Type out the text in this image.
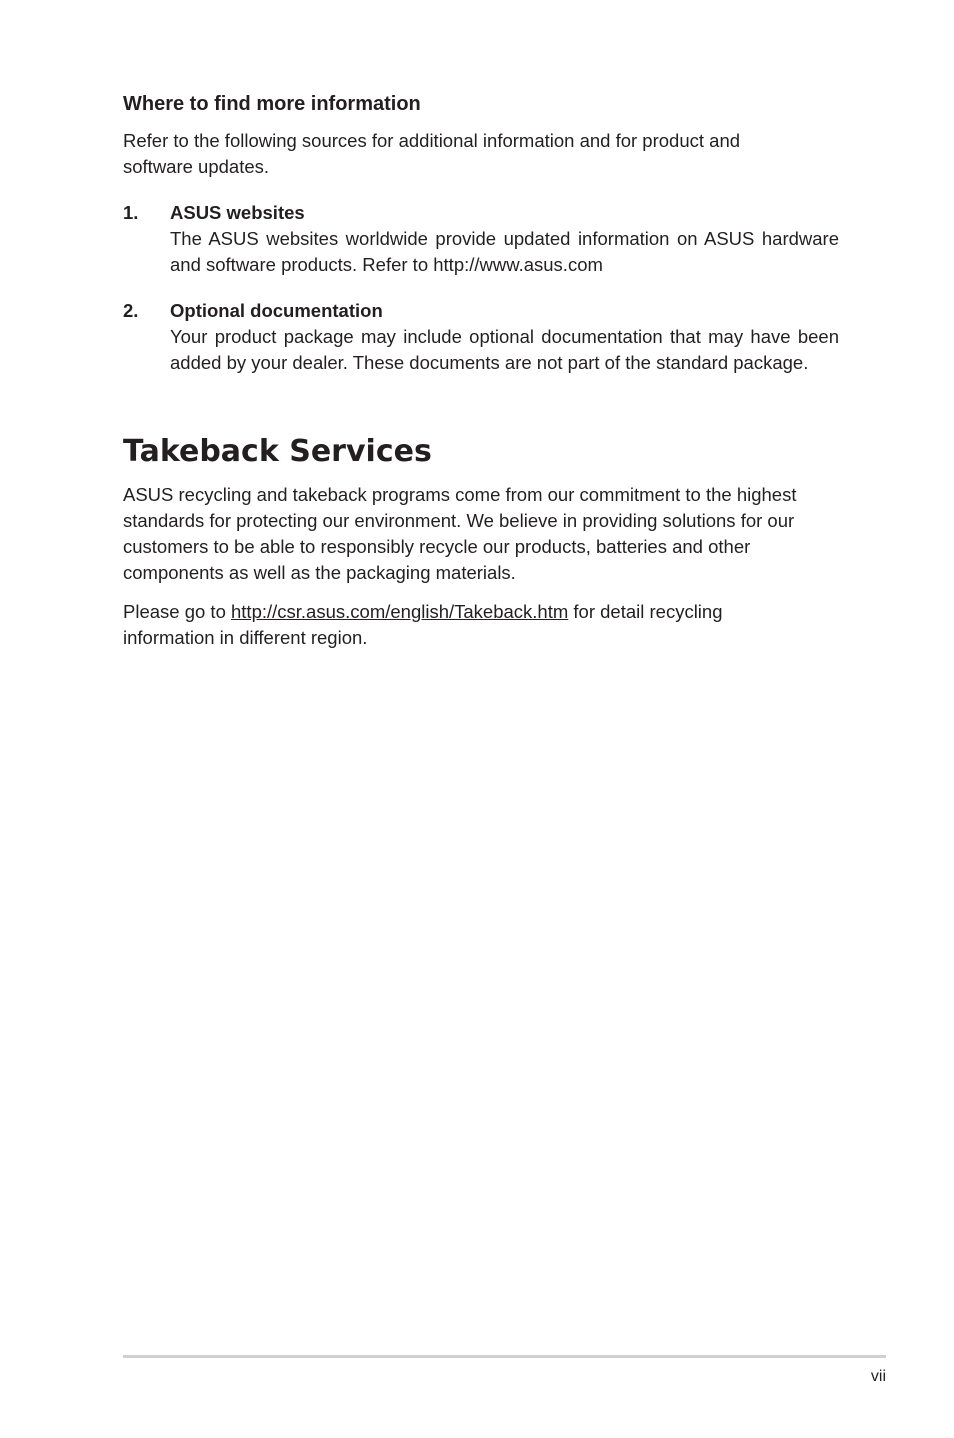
Where to find more information

Refer to the following sources for additional information and for product and software updates.

1.	ASUS websites

The ASUS websites worldwide provide updated information on ASUS hardware and software products. Refer to http://www.asus.com

2.	Optional documentation

Your product package may include optional documentation that may have been added by your dealer. These documents are not part of the standard package.

Takeback Services

ASUS recycling and takeback programs come from our commitment to the highest standards for protecting our environment. We believe in providing solutions for our customers to be able to responsibly recycle our products, batteries and other components as well as the packaging materials.

Please go to http://csr.asus.com/english/Takeback.htm for detail recycling information in different region.

vii
